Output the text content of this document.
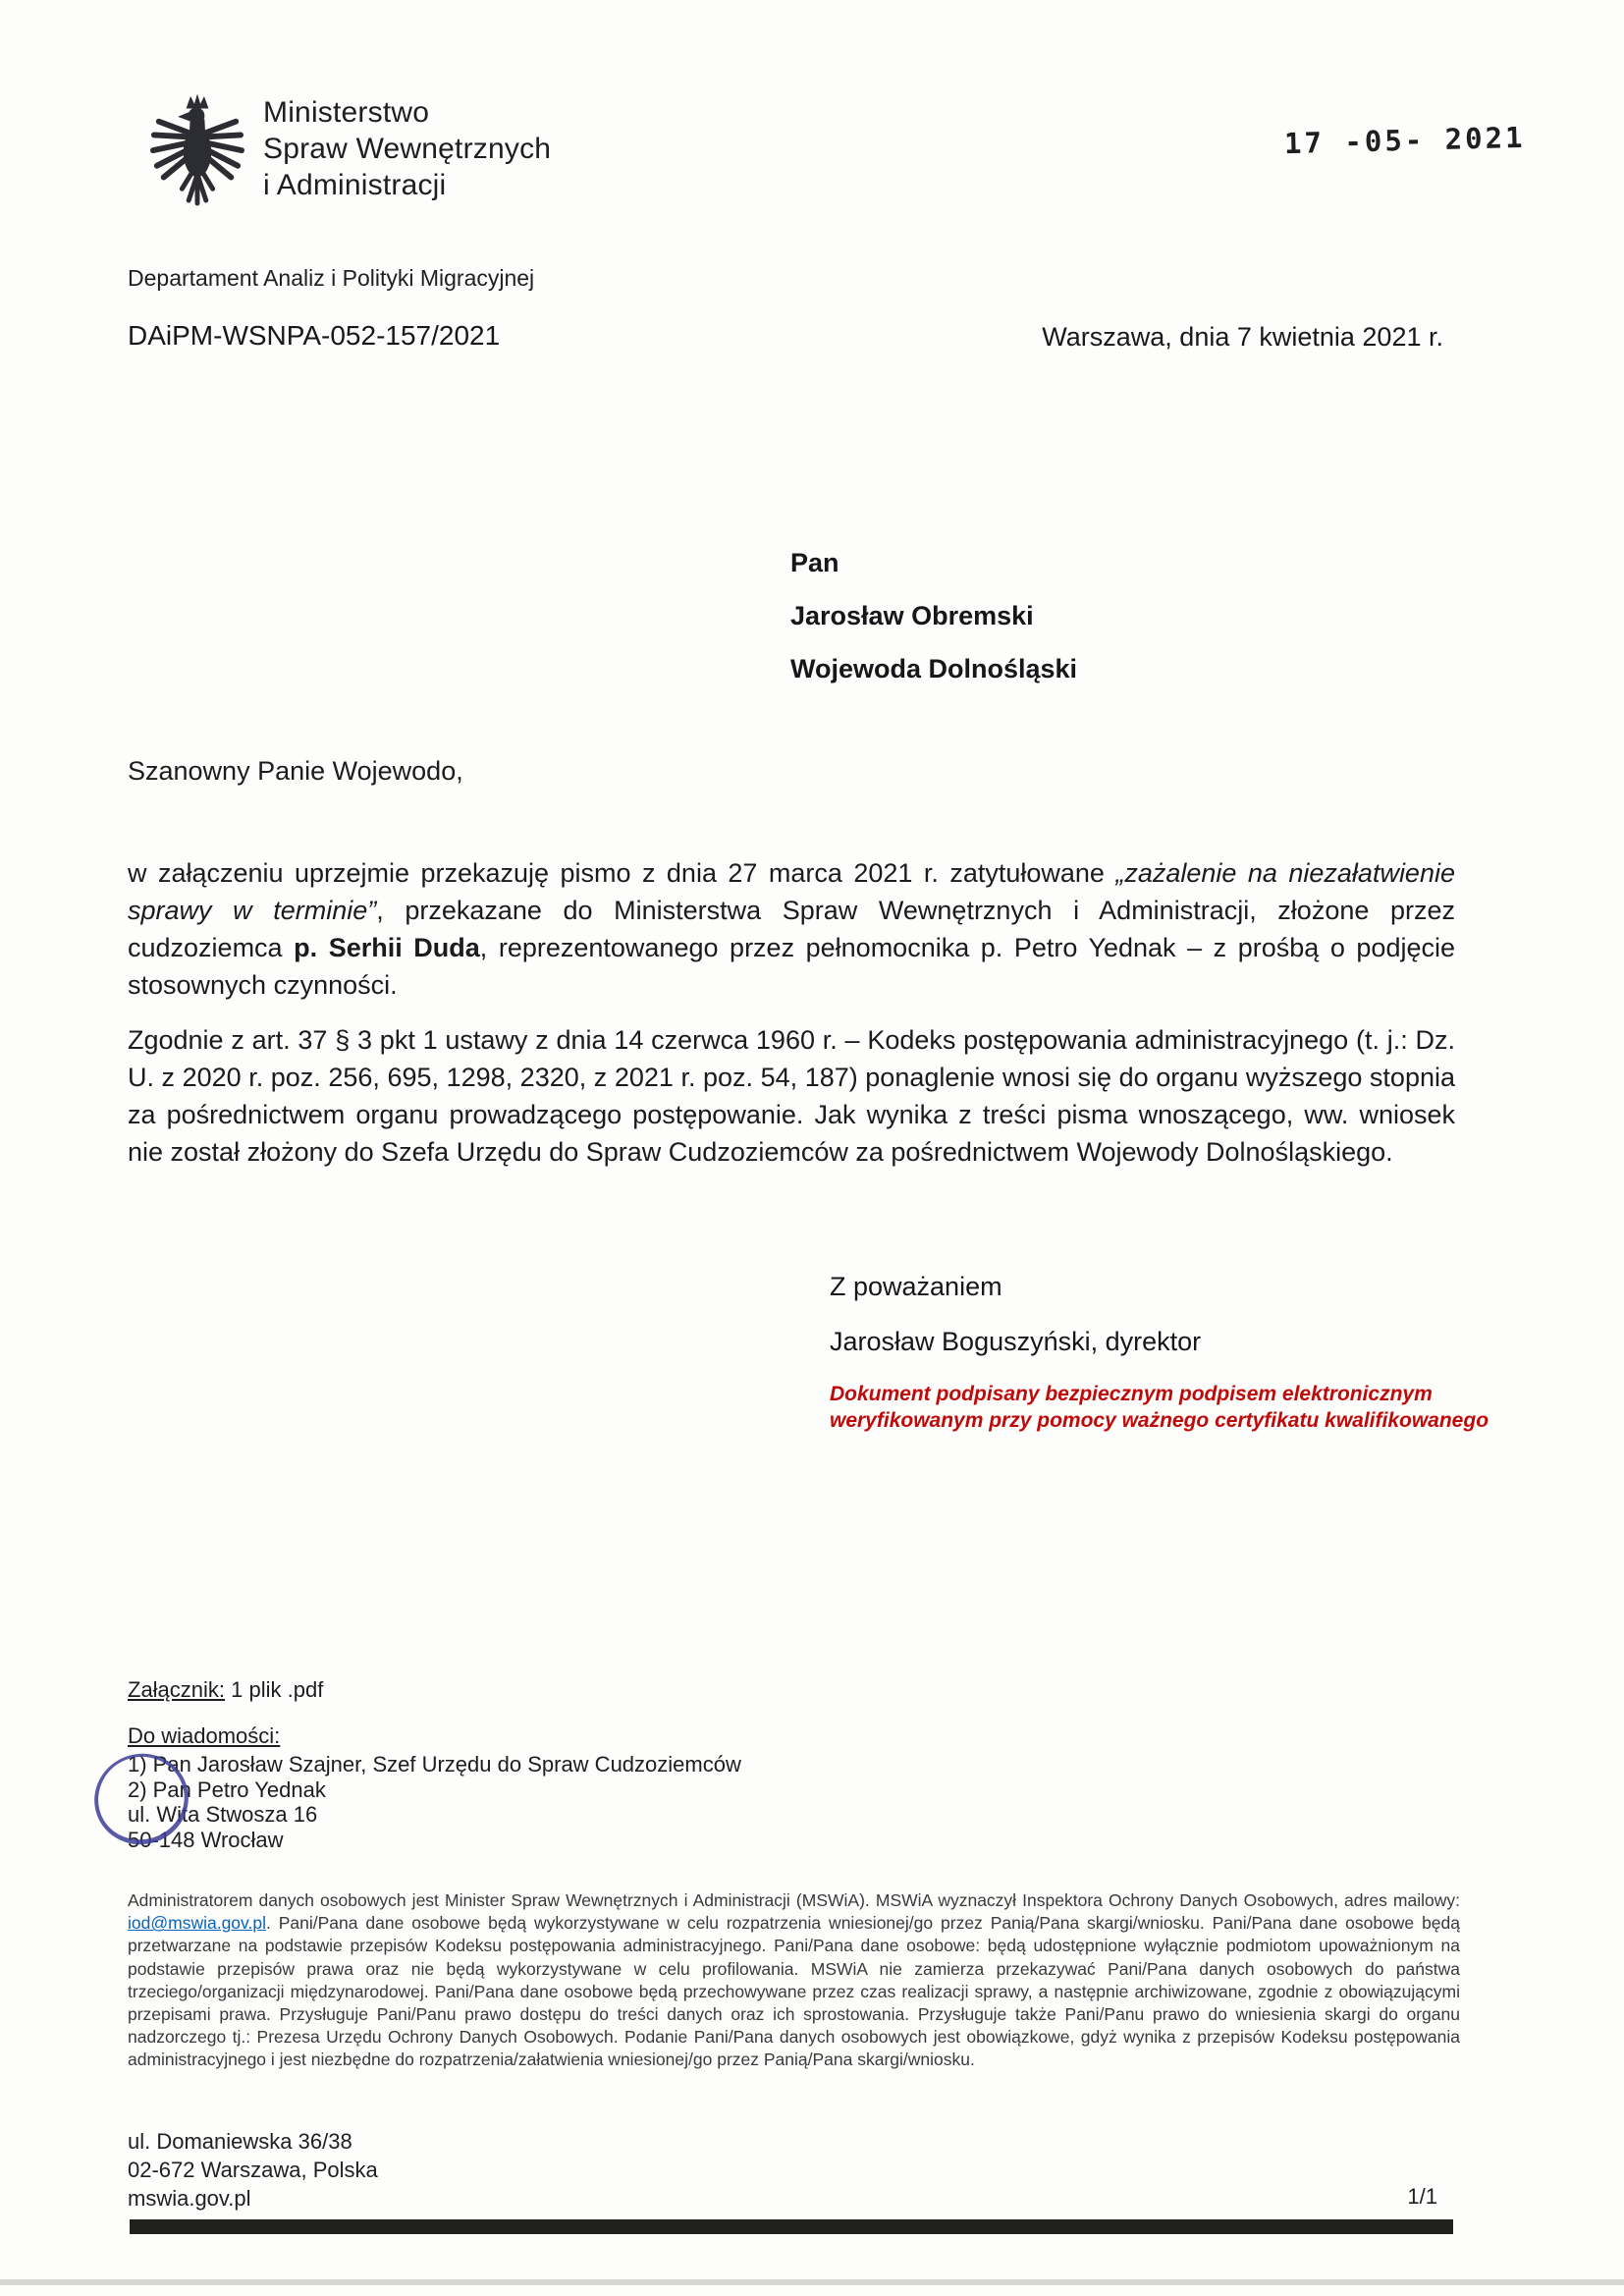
Ministerstwo
Spraw Wewnętrznych
i Administracji
17 -05- 2021
Departament Analiz i Polityki Migracyjnej
DAiPM-WSNPA-052-157/2021	Warszawa, dnia 7 kwietnia 2021 r.
Pan
Jarosław Obremski
Wojewoda Dolnośląski
Szanowny Panie Wojewodo,

w załączeniu uprzejmie przekazuję pismo z dnia 27 marca 2021 r. zatytułowane „zażalenie na niezałatwienie sprawy w terminie”, przekazane do Ministerstwa Spraw Wewnętrznych i Administracji, złożone przez cudzoziemca p. Serhii Duda, reprezentowanego przez pełnomocnika p. Petro Yednak – z prośbą o podjęcie stosownych czynności.

Zgodnie z art. 37 § 3 pkt 1 ustawy z dnia 14 czerwca 1960 r. – Kodeks postępowania administracyjnego (t. j.: Dz. U. z 2020 r. poz. 256, 695, 1298, 2320, z 2021 r. poz. 54, 187) ponaglenie wnosi się do organu wyższego stopnia za pośrednictwem organu prowadzącego postępowanie. Jak wynika z treści pisma wnoszącego, ww. wniosek nie został złożony do Szefa Urzędu do Spraw Cudzoziemców za pośrednictwem Wojewody Dolnośląskiego.

Z poważaniem
Jarosław Boguszyński, dyrektor
Dokument podpisany bezpiecznym podpisem elektronicznym
weryfikowanym przy pomocy ważnego certyfikatu kwalifikowanego
Załącznik: 1 plik .pdf
Do wiadomości:
1) Pan Jarosław Szajner, Szef Urzędu do Spraw Cudzoziemców
2) Pan Petro Yednak
ul. Wita Stwosza 16
50-148 Wrocław

Administratorem danych osobowych jest Minister Spraw Wewnętrznych i Administracji (MSWiA). MSWiA wyznaczył Inspektora Ochrony Danych Osobowych, adres mailowy: iod@mswia.gov.pl. Pani/Pana dane osobowe będą wykorzystywane w celu rozpatrzenia wniesionej/go przez Panią/Pana skargi/wniosku. Pani/Pana dane osobowe będą przetwarzane na podstawie przepisów Kodeksu postępowania administracyjnego. Pani/Pana dane osobowe: będą udostępnione wyłącznie podmiotom upoważnionym na podstawie przepisów prawa oraz nie będą wykorzystywane w celu profilowania. MSWiA nie zamierza przekazywać Pani/Pana danych osobowych do państwa trzeciego/organizacji międzynarodowej. Pani/Pana dane osobowe będą przechowywane przez czas realizacji sprawy, a następnie archiwizowane, zgodnie z obowiązującymi przepisami prawa. Przysługuje Pani/Panu prawo dostępu do treści danych oraz ich sprostowania. Przysługuje także Pani/Panu prawo do wniesienia skargi do organu nadzorczego tj.: Prezesa Urzędu Ochrony Danych Osobowych. Podanie Pani/Pana danych osobowych jest obowiązkowe, gdyż wynika z przepisów Kodeksu postępowania administracyjnego i jest niezbędne do rozpatrzenia/załatwienia wniesionej/go przez Panią/Pana skargi/wniosku.

ul. Domaniewska 36/38
02-672 Warszawa, Polska
mswia.gov.pl	1/1
